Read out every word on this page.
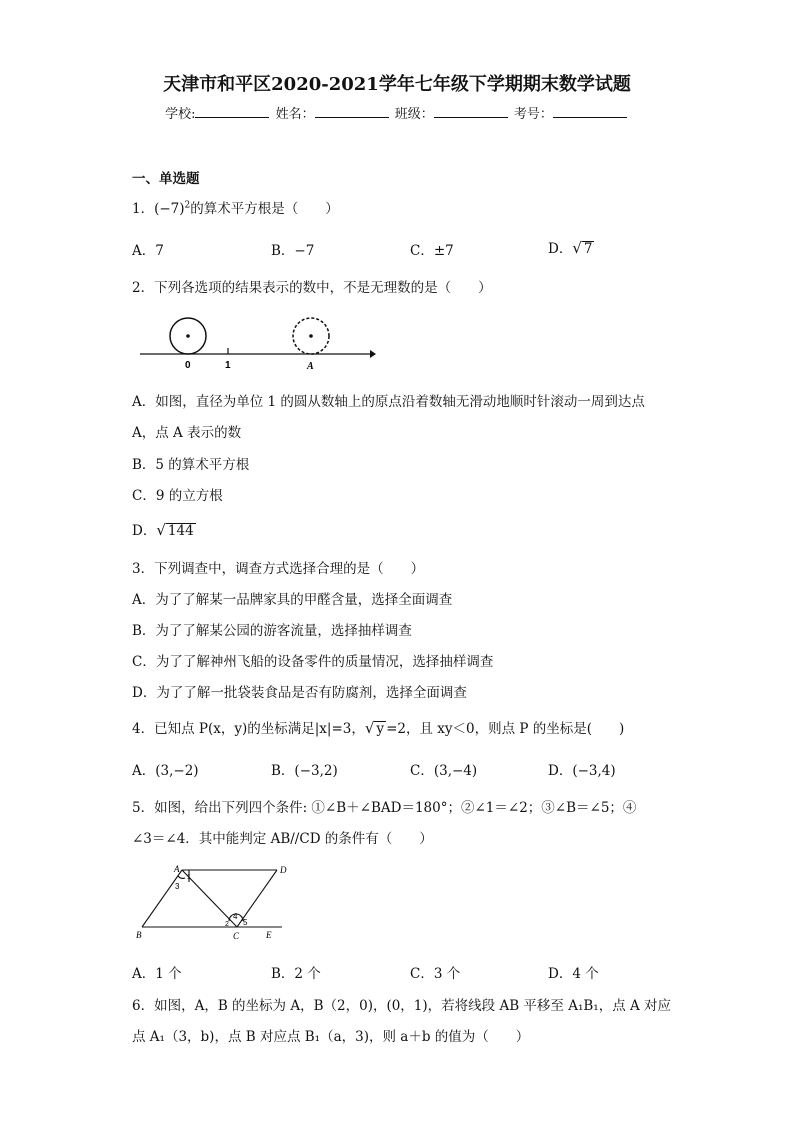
天津市和平区2020-2021学年七年级下学期期末数学试题
学校:	姓名：	班级：	考号：
一、单选题
1．$(-7)^2$的算术平方根是（　　）
A．7	B．−7	C．±7	D．√ 7
2．下列各选项的结果表示的数中，不是无理数的是（　　）
0	1	A
A．如图，直径为单位 1 的圆从数轴上的原点沿着数轴无滑动地顺时针滚动一周到达点
A，点 A 表示的数
B．5 的算术平方根
C．9 的立方根
D．√ 144
3．下列调查中，调查方式选择合理的是（　　）
A．为了了解某一品牌家具的甲醛含量，选择全面调查
B．为了了解某公园的游客流量，选择抽样调查
C．为了了解神州飞船的设备零件的质量情况，选择抽样调查
D．为了了解一批袋装食品是否有防腐剂，选择全面调查
4．已知点 P(x，y)的坐标满足|x|=3，√ y =2，且 xy＜0，则点 P 的坐标是(　　)
A．(3,−2)	B．(−3,2)	C．(3,−4)	D．(−3,4)
5．如图，给出下列四个条件: ①∠B＋∠BAD＝180°；②∠1＝∠2；③∠B＝∠5；④
∠3＝∠4．其中能判定 AB//CD 的条件有（　　）
A	D
1
3
4
2 5
B	C	E
A．1 个	B．2 个	C．3 个	D．4 个
6．如图，A，B 的坐标为 A，B（2，0)，(0，1)，若将线段 AB 平移至 A₁B₁，点 A 对应
点 A₁（3，b)，点 B 对应点 B₁（a，3)，则 a＋b 的值为（　　）
